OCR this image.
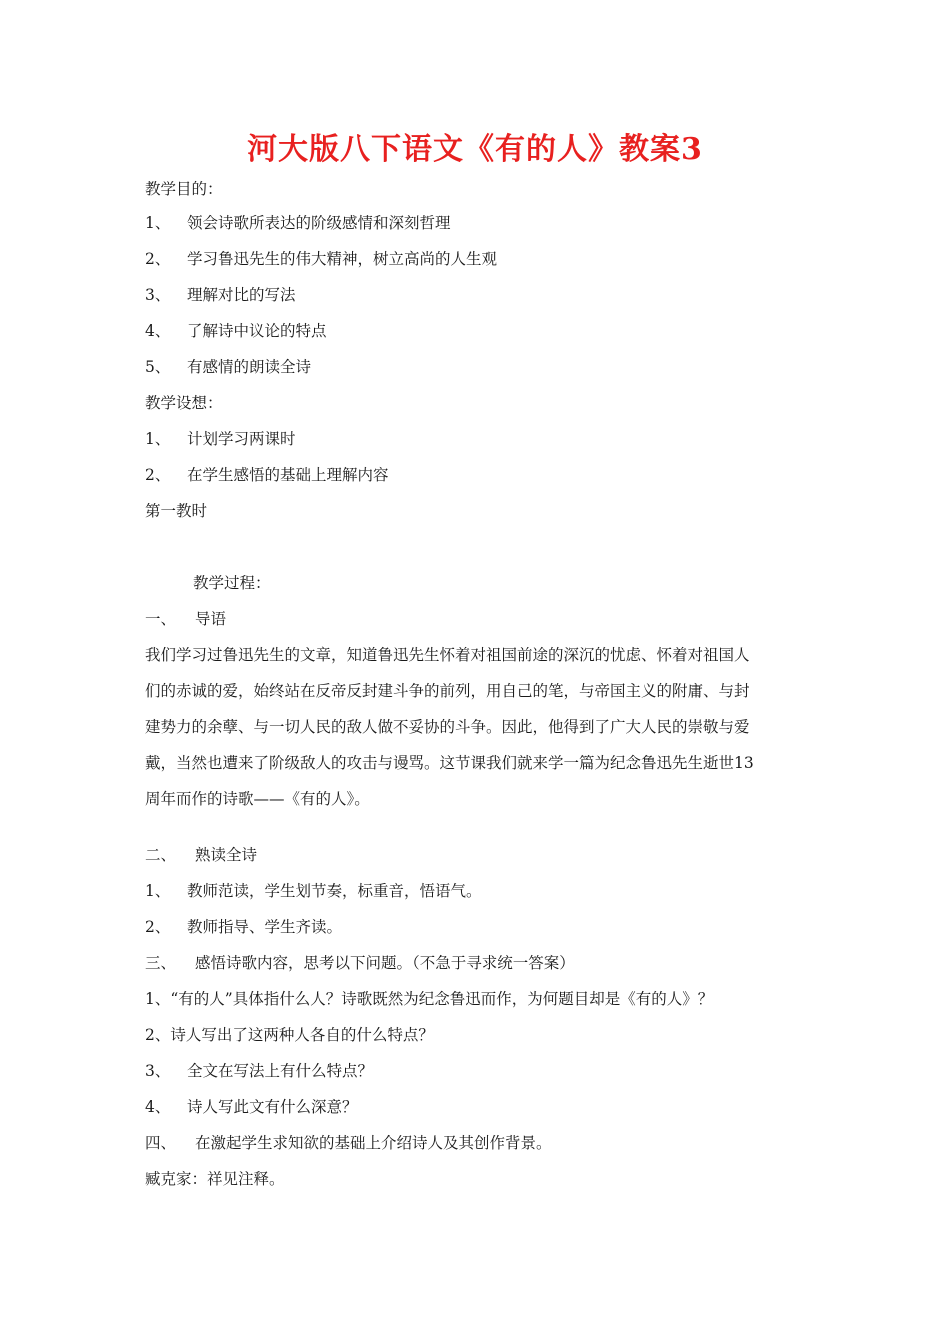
河大版八下语文《有的人》教案3
教学目的：
1、 领会诗歌所表达的阶级感情和深刻哲理
2、 学习鲁迅先生的伟大精神，树立高尚的人生观
3、 理解对比的写法
4、 了解诗中议论的特点
5、 有感情的朗读全诗
教学设想：
1、 计划学习两课时
2、 在学生感悟的基础上理解内容
第一教时
教学过程：
一、 导语
我们学习过鲁迅先生的文章，知道鲁迅先生怀着对祖国前途的深沉的忧虑、怀着对祖国人
们的赤诚的爱，始终站在反帝反封建斗争的前列，用自己的笔，与帝国主义的附庸、与封
建势力的余孽、与一切人民的敌人做不妥协的斗争。因此，他得到了广大人民的崇敬与爱
戴，当然也遭来了阶级敌人的攻击与谩骂。这节课我们就来学一篇为纪念鲁迅先生逝世13
周年而作的诗歌——《有的人》。
二、 熟读全诗
1、 教师范读，学生划节奏，标重音，悟语气。
2、 教师指导、学生齐读。
三、 感悟诗歌内容，思考以下问题。（不急于寻求统一答案）
1、“有的人”具体指什么人？诗歌既然为纪念鲁迅而作，为何题目却是《有的人》？
2、诗人写出了这两种人各自的什么特点？
3、 全文在写法上有什么特点？
4、 诗人写此文有什么深意？
四、 在激起学生求知欲的基础上介绍诗人及其创作背景。
臧克家：祥见注释。
